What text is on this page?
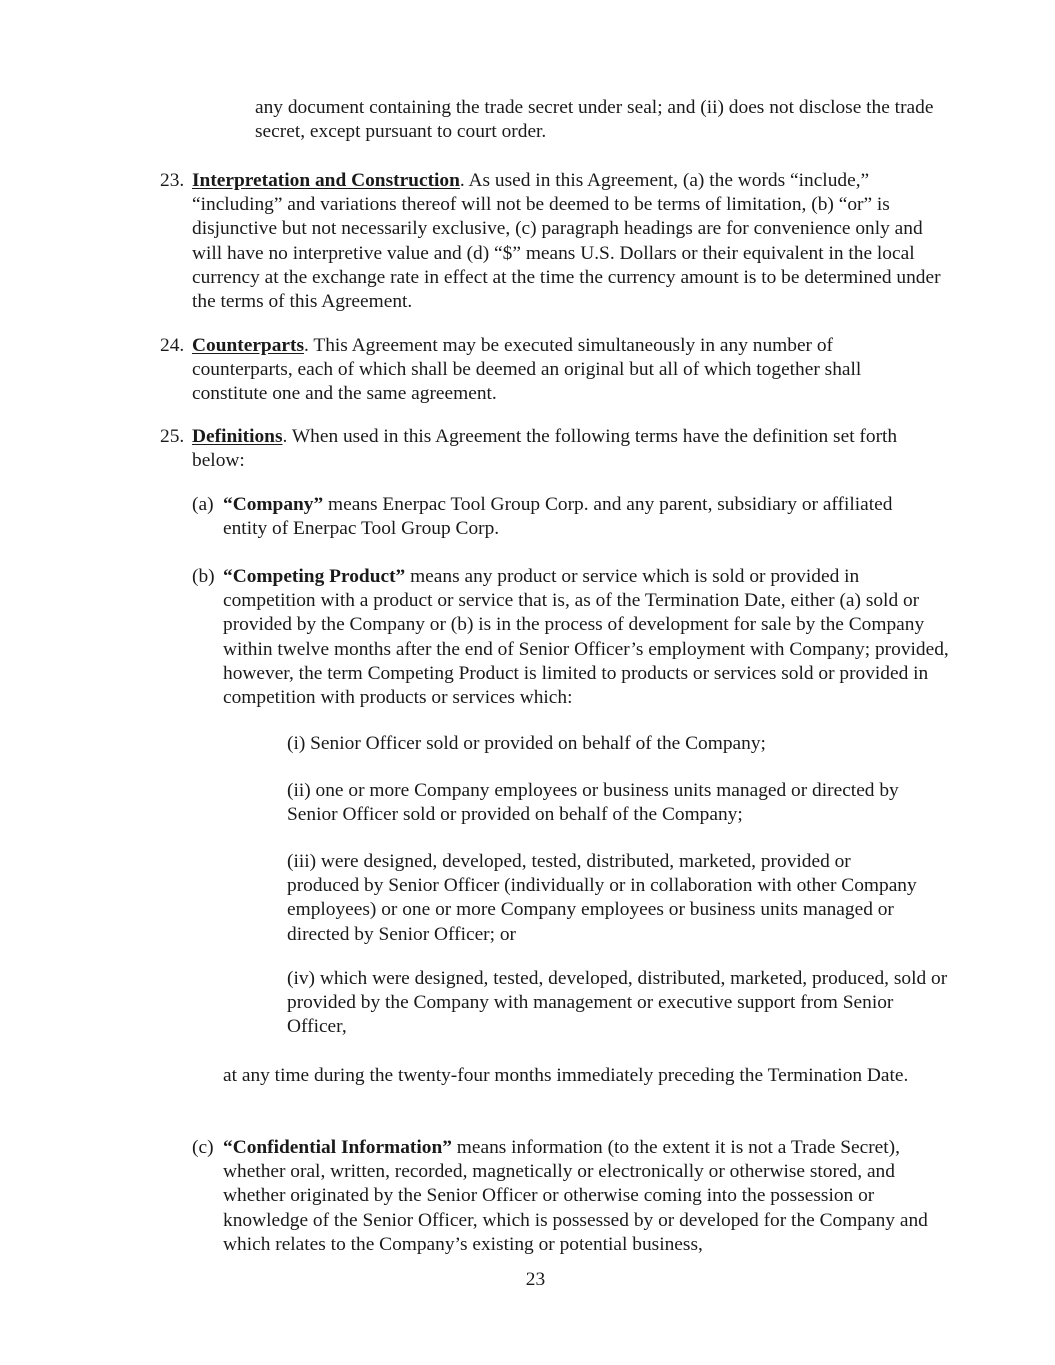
any document containing the trade secret under seal; and (ii) does not disclose the trade secret, except pursuant to court order.

23. Interpretation and Construction. As used in this Agreement, (a) the words “include,” “including” and variations thereof will not be deemed to be terms of limitation, (b) “or” is disjunctive but not necessarily exclusive, (c) paragraph headings are for convenience only and will have no interpretive value and (d) “$” means U.S. Dollars or their equivalent in the local currency at the exchange rate in effect at the time the currency amount is to be determined under the terms of this Agreement.

24. Counterparts. This Agreement may be executed simultaneously in any number of counterparts, each of which shall be deemed an original but all of which together shall constitute one and the same agreement.

25. Definitions. When used in this Agreement the following terms have the definition set forth below:

(a) “Company” means Enerpac Tool Group Corp. and any parent, subsidiary or affiliated entity of Enerpac Tool Group Corp.

(b) “Competing Product” means any product or service which is sold or provided in competition with a product or service that is, as of the Termination Date, either (a) sold or provided by the Company or (b) is in the process of development for sale by the Company within twelve months after the end of Senior Officer’s employment with Company; provided, however, the term Competing Product is limited to products or services sold or provided in competition with products or services which:

(i) Senior Officer sold or provided on behalf of the Company;

(ii) one or more Company employees or business units managed or directed by Senior Officer sold or provided on behalf of the Company;

(iii) were designed, developed, tested, distributed, marketed, provided or produced by Senior Officer (individually or in collaboration with other Company employees) or one or more Company employees or business units managed or directed by Senior Officer; or

(iv) which were designed, tested, developed, distributed, marketed, produced, sold or provided by the Company with management or executive support from Senior Officer,

at any time during the twenty-four months immediately preceding the Termination Date.

(c) “Confidential Information” means information (to the extent it is not a Trade Secret), whether oral, written, recorded, magnetically or electronically or otherwise stored, and whether originated by the Senior Officer or otherwise coming into the possession or knowledge of the Senior Officer, which is possessed by or developed for the Company and which relates to the Company’s existing or potential business,

23
